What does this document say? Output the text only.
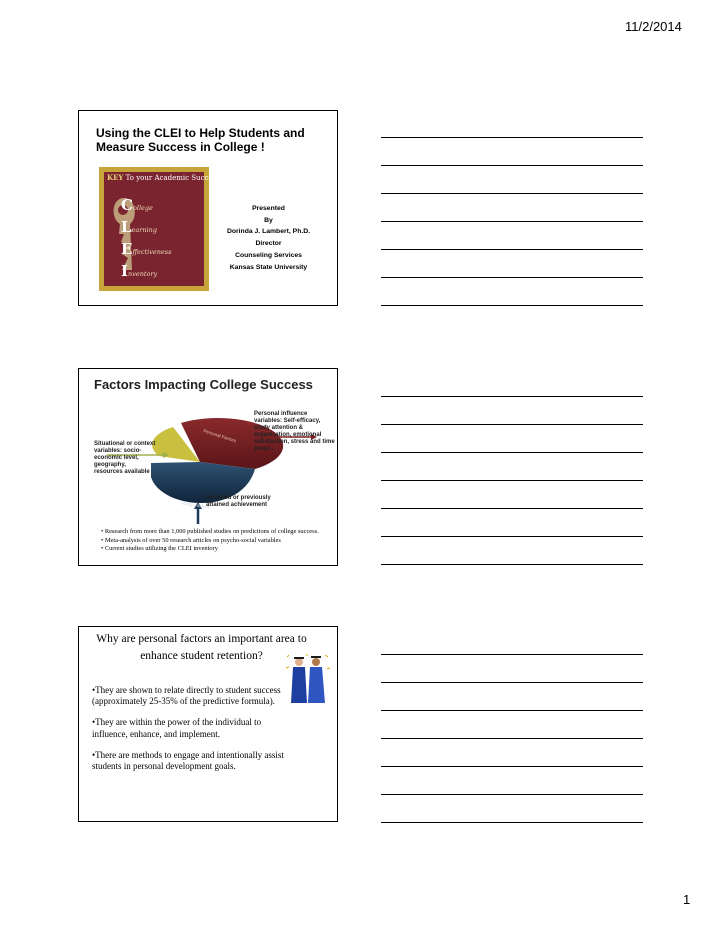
11/2/2014
Using the CLEI to Help Students and Measure Success in College !
KEY To your Academic Success
College
Learning
Effectiveness
Inventory
Presented
By
Dorinda J. Lambert, Ph.D.
Director
Counseling Services
Kansas State University
Factors Impacting College Success
Personal Factors
Ability Factors
Personal influence variables: Self-efficacy, study attention & organization, emotional satisfaction, stress and time press...
Situational or context variables: socio-economic level, geography, resources available
Inherited or previously attained achievement
• Research from more than 1,000 published studies on predictions of college success.
• Meta-analysis of over 50 research articles on psycho-social variables
• Current studies utilizing the CLEI inventory
Why are personal factors an important area to enhance student retention?

•They are shown to relate directly to student success (approximately 25-35% of the predictive formula).

•They are within the power of the individual to influence, enhance, and implement.

•There are methods to engage and intentionally assist students in personal development goals.

1
